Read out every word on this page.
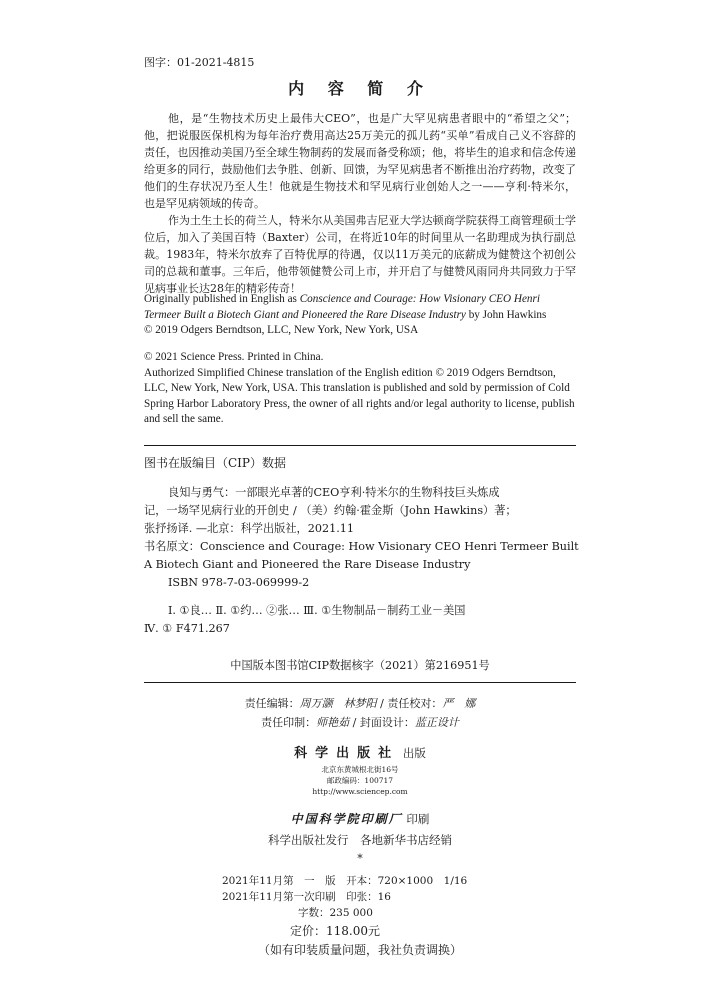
图字：01-2021-4815
内 容 简 介

他，是“生物技术历史上最伟大CEO”，也是广大罕见病患者眼中的“希望之父”；他，把说服医保机构为每年治疗费用高达25万美元的孤儿药“买单”看成自己义不容辞的责任，也因推动美国乃至全球生物制药的发展而备受称颂；他，将毕生的追求和信念传递给更多的同行，鼓励他们去争胜、创新、回馈，为罕见病患者不断推出治疗药物，改变了他们的生存状况乃至人生！他就是生物技术和罕见病行业创始人之一——亨利·特米尔，也是罕见病领域的传奇。

作为土生土长的荷兰人，特米尔从美国弗吉尼亚大学达顿商学院获得工商管理硕士学位后，加入了美国百特（Baxter）公司，在将近10年的时间里从一名助理成为执行副总裁。1983年，特米尔放弃了百特优厚的待遇，仅以11万美元的底薪成为健赞这个初创公司的总裁和董事。三年后，他带领健赞公司上市，并开启了与健赞风雨同舟共同致力于罕见病事业长达28年的精彩传奇！

Originally published in English as Conscience and Courage: How Visionary CEO Henri Termeer Built a Biotech Giant and Pioneered the Rare Disease Industry by John Hawkins
© 2019 Odgers Berndtson, LLC, New York, New York, USA

© 2021 Science Press. Printed in China.
Authorized Simplified Chinese translation of the English edition © 2019 Odgers Berndtson, LLC, New York, New York, USA. This translation is published and sold by permission of Cold Spring Harbor Laboratory Press, the owner of all rights and/or legal authority to license, publish and sell the same.

图书在版编目（CIP）数据
良知与勇气：一部眼光卓著的CEO亨利·特米尔的生物科技巨头炼成
记，一场罕见病行业的开创史 / （美）约翰·霍金斯（John Hawkins）著；
张抒扬译. —北京：科学出版社，2021.11
书名原文：Conscience and Courage: How Visionary CEO Henri Termeer Built
A Biotech Giant and Pioneered the Rare Disease Industry
ISBN 978-7-03-069999-2
Ⅰ. ①良… Ⅱ. ①约… ②张… Ⅲ. ①生物制品－制药工业－美国
Ⅳ. ① F471.267
中国版本图书馆CIP数据核字（2021）第216951号
责任编辑：周万灏　林梦阳 / 责任校对：严　娜
责任印制：师艳茹 / 封面设计：蓝正设计
科学出版社 出版
北京东黄城根北街16号
邮政编码：100717
http://www.sciencep.com
中国科学院印刷厂 印刷
科学出版社发行　各地新华书店经销
*
2021年11月第　一　版　开本：720×1000　1/16
2021年11月第一次印刷　印张：16
字数：235 000
定价：118.00元
（如有印装质量问题，我社负责调换）
